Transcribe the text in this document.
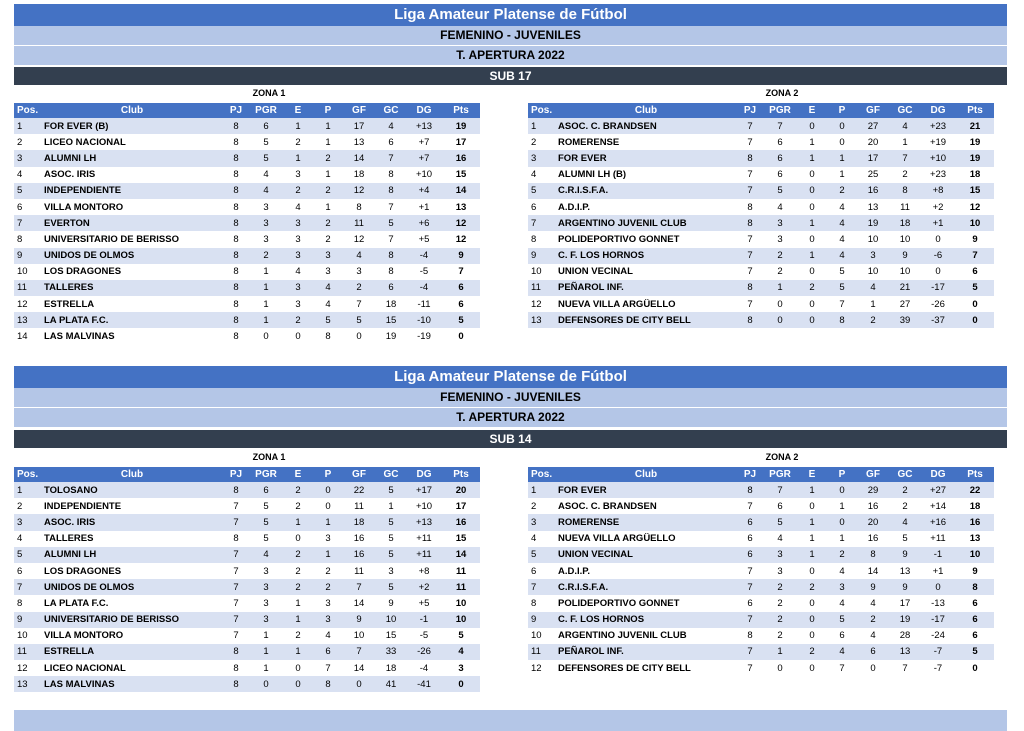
Liga Amateur Platense de Fútbol
FEMENINO - JUVENILES
T. APERTURA 2022
SUB 17
ZONA 1	ZONA 2
Pos.	Club	PJ	PGR	E	P	GF	GC	DG	Pts
1	FOR EVER (B)	8	6	1	1	17	4	+13	19
2	LICEO NACIONAL	8	5	2	1	13	6	+7	17
3	ALUMNI LH	8	5	1	2	14	7	+7	16
4	ASOC. IRIS	8	4	3	1	18	8	+10	15
5	INDEPENDIENTE	8	4	2	2	12	8	+4	14
6	VILLA MONTORO	8	3	4	1	8	7	+1	13
7	EVERTON	8	3	3	2	11	5	+6	12
8	UNIVERSITARIO DE BERISSO	8	3	3	2	12	7	+5	12
9	UNIDOS DE OLMOS	8	2	3	3	4	8	-4	9
10	LOS DRAGONES	8	1	4	3	3	8	-5	7
11	TALLERES	8	1	3	4	2	6	-4	6
12	ESTRELLA	8	1	3	4	7	18	-11	6
13	LA PLATA F.C.	8	1	2	5	5	15	-10	5
14	LAS MALVINAS	8	0	0	8	0	19	-19	0
Pos.	Club	PJ	PGR	E	P	GF	GC	DG	Pts
1	ASOC. C. BRANDSEN	7	7	0	0	27	4	+23	21
2	ROMERENSE	7	6	1	0	20	1	+19	19
3	FOR EVER	8	6	1	1	17	7	+10	19
4	ALUMNI LH (B)	7	6	0	1	25	2	+23	18
5	C.R.I.S.F.A.	7	5	0	2	16	8	+8	15
6	A.D.I.P.	8	4	0	4	13	11	+2	12
7	ARGENTINO JUVENIL CLUB	8	3	1	4	19	18	+1	10
8	POLIDEPORTIVO GONNET	7	3	0	4	10	10	0	9
9	C. F. LOS HORNOS	7	2	1	4	3	9	-6	7
10	UNION VECINAL	7	2	0	5	10	10	0	6
11	PEÑAROL INF.	8	1	2	5	4	21	-17	5
12	NUEVA VILLA ARGÜELLO	7	0	0	7	1	27	-26	0
13	DEFENSORES DE CITY BELL	8	0	0	8	2	39	-37	0
Liga Amateur Platense de Fútbol
FEMENINO - JUVENILES
T. APERTURA 2022
SUB 14
ZONA 1	ZONA 2
Pos.	Club	PJ	PGR	E	P	GF	GC	DG	Pts
1	TOLOSANO	8	6	2	0	22	5	+17	20
2	INDEPENDIENTE	7	5	2	0	11	1	+10	17
3	ASOC. IRIS	7	5	1	1	18	5	+13	16
4	TALLERES	8	5	0	3	16	5	+11	15
5	ALUMNI LH	7	4	2	1	16	5	+11	14
6	LOS DRAGONES	7	3	2	2	11	3	+8	11
7	UNIDOS DE OLMOS	7	3	2	2	7	5	+2	11
8	LA PLATA F.C.	7	3	1	3	14	9	+5	10
9	UNIVERSITARIO DE BERISSO	7	3	1	3	9	10	-1	10
10	VILLA MONTORO	7	1	2	4	10	15	-5	5
11	ESTRELLA	8	1	1	6	7	33	-26	4
12	LICEO NACIONAL	8	1	0	7	14	18	-4	3
13	LAS MALVINAS	8	0	0	8	0	41	-41	0
Pos.	Club	PJ	PGR	E	P	GF	GC	DG	Pts
1	FOR EVER	8	7	1	0	29	2	+27	22
2	ASOC. C. BRANDSEN	7	6	0	1	16	2	+14	18
3	ROMERENSE	6	5	1	0	20	4	+16	16
4	NUEVA VILLA ARGÜELLO	6	4	1	1	16	5	+11	13
5	UNION VECINAL	6	3	1	2	8	9	-1	10
6	A.D.I.P.	7	3	0	4	14	13	+1	9
7	C.R.I.S.F.A.	7	2	2	3	9	9	0	8
8	POLIDEPORTIVO GONNET	6	2	0	4	4	17	-13	6
9	C. F. LOS HORNOS	7	2	0	5	2	19	-17	6
10	ARGENTINO JUVENIL CLUB	8	2	0	6	4	28	-24	6
11	PEÑAROL INF.	7	1	2	4	6	13	-7	5
12	DEFENSORES DE CITY BELL	7	0	0	7	0	7	-7	0
